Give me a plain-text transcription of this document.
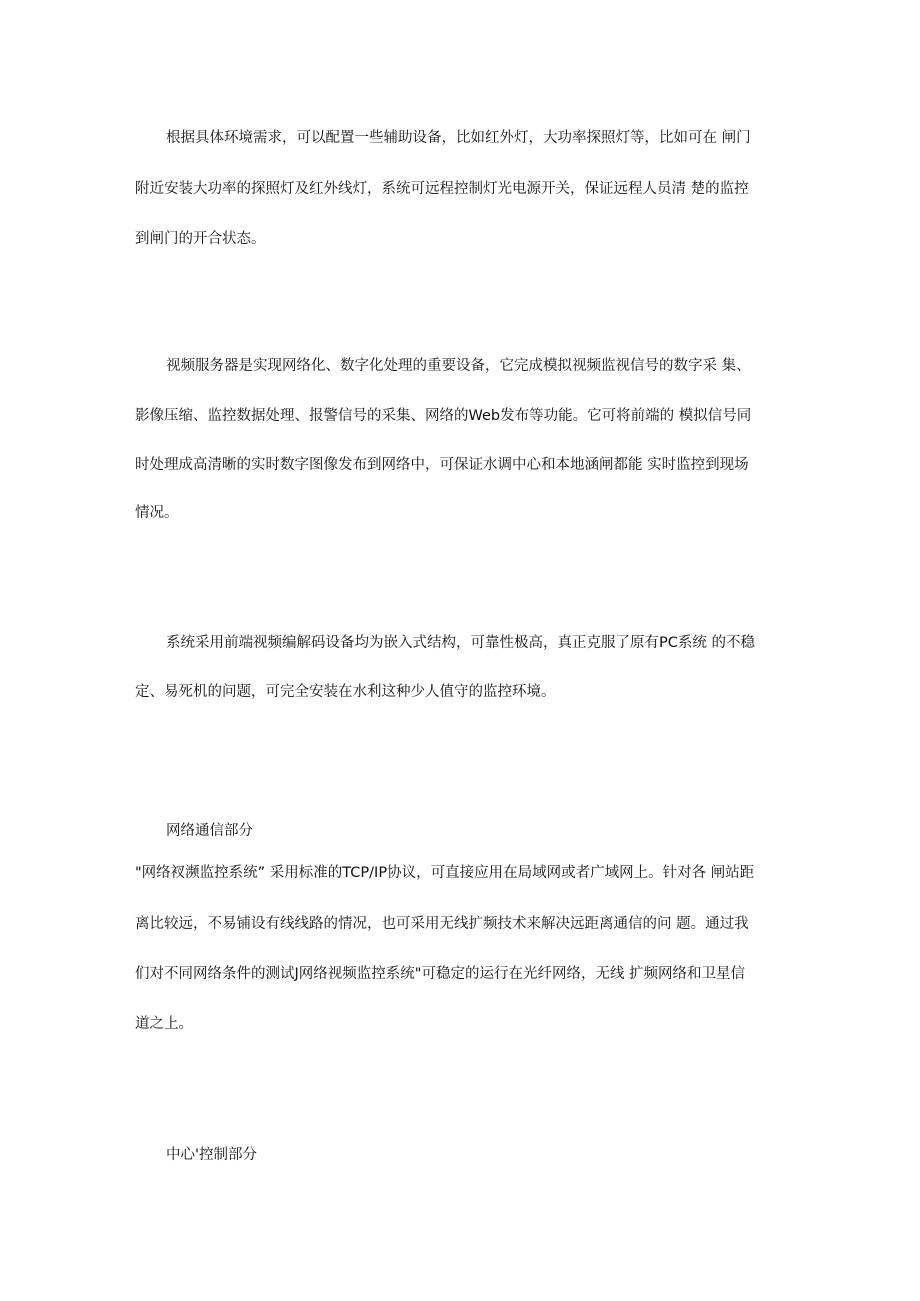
根据具体环境需求，可以配置一些辅助设备，比如红外灯，大功率探照灯等，比如可在 闸门
附近安装大功率的探照灯及红外线灯，系统可远程控制灯光电源开关，保证远程人员清 楚的监控
到闸门的开合状态。
视频服务器是实现网络化、数字化处理的重要设备，它完成模拟视频监视信号的数字采 集、
影像压缩、监控数据处理、报警信号的采集、网络的Web发布等功能。它可将前端的 模拟信号同
时处理成高清晰的实时数字图像发布到网络中，可保证水调中心和本地涵闸都能 实时监控到现场
情况。
系统采用前端视频编解码设备均为嵌入式结构，可靠性极高，真正克服了原有PC系统 的不稳
定、易死机的问题，可完全安装在水利这种少人值守的监控环境。
网络通信部分
"网络衩濒监控系统” 采用标准的TCP/IP协议，可直接应用在局域网或者广域网上。针对各 闸站距
离比较远，不易铺设有线线路的情况，也可采用无线扩频技术来解决远距离通信的问 题。通过我
们对不同网络条件的测试J网络视频监控系统"可稳定的运行在光纤网络，无线 扩频网络和卫星信
道之上。
中心'控制部分
